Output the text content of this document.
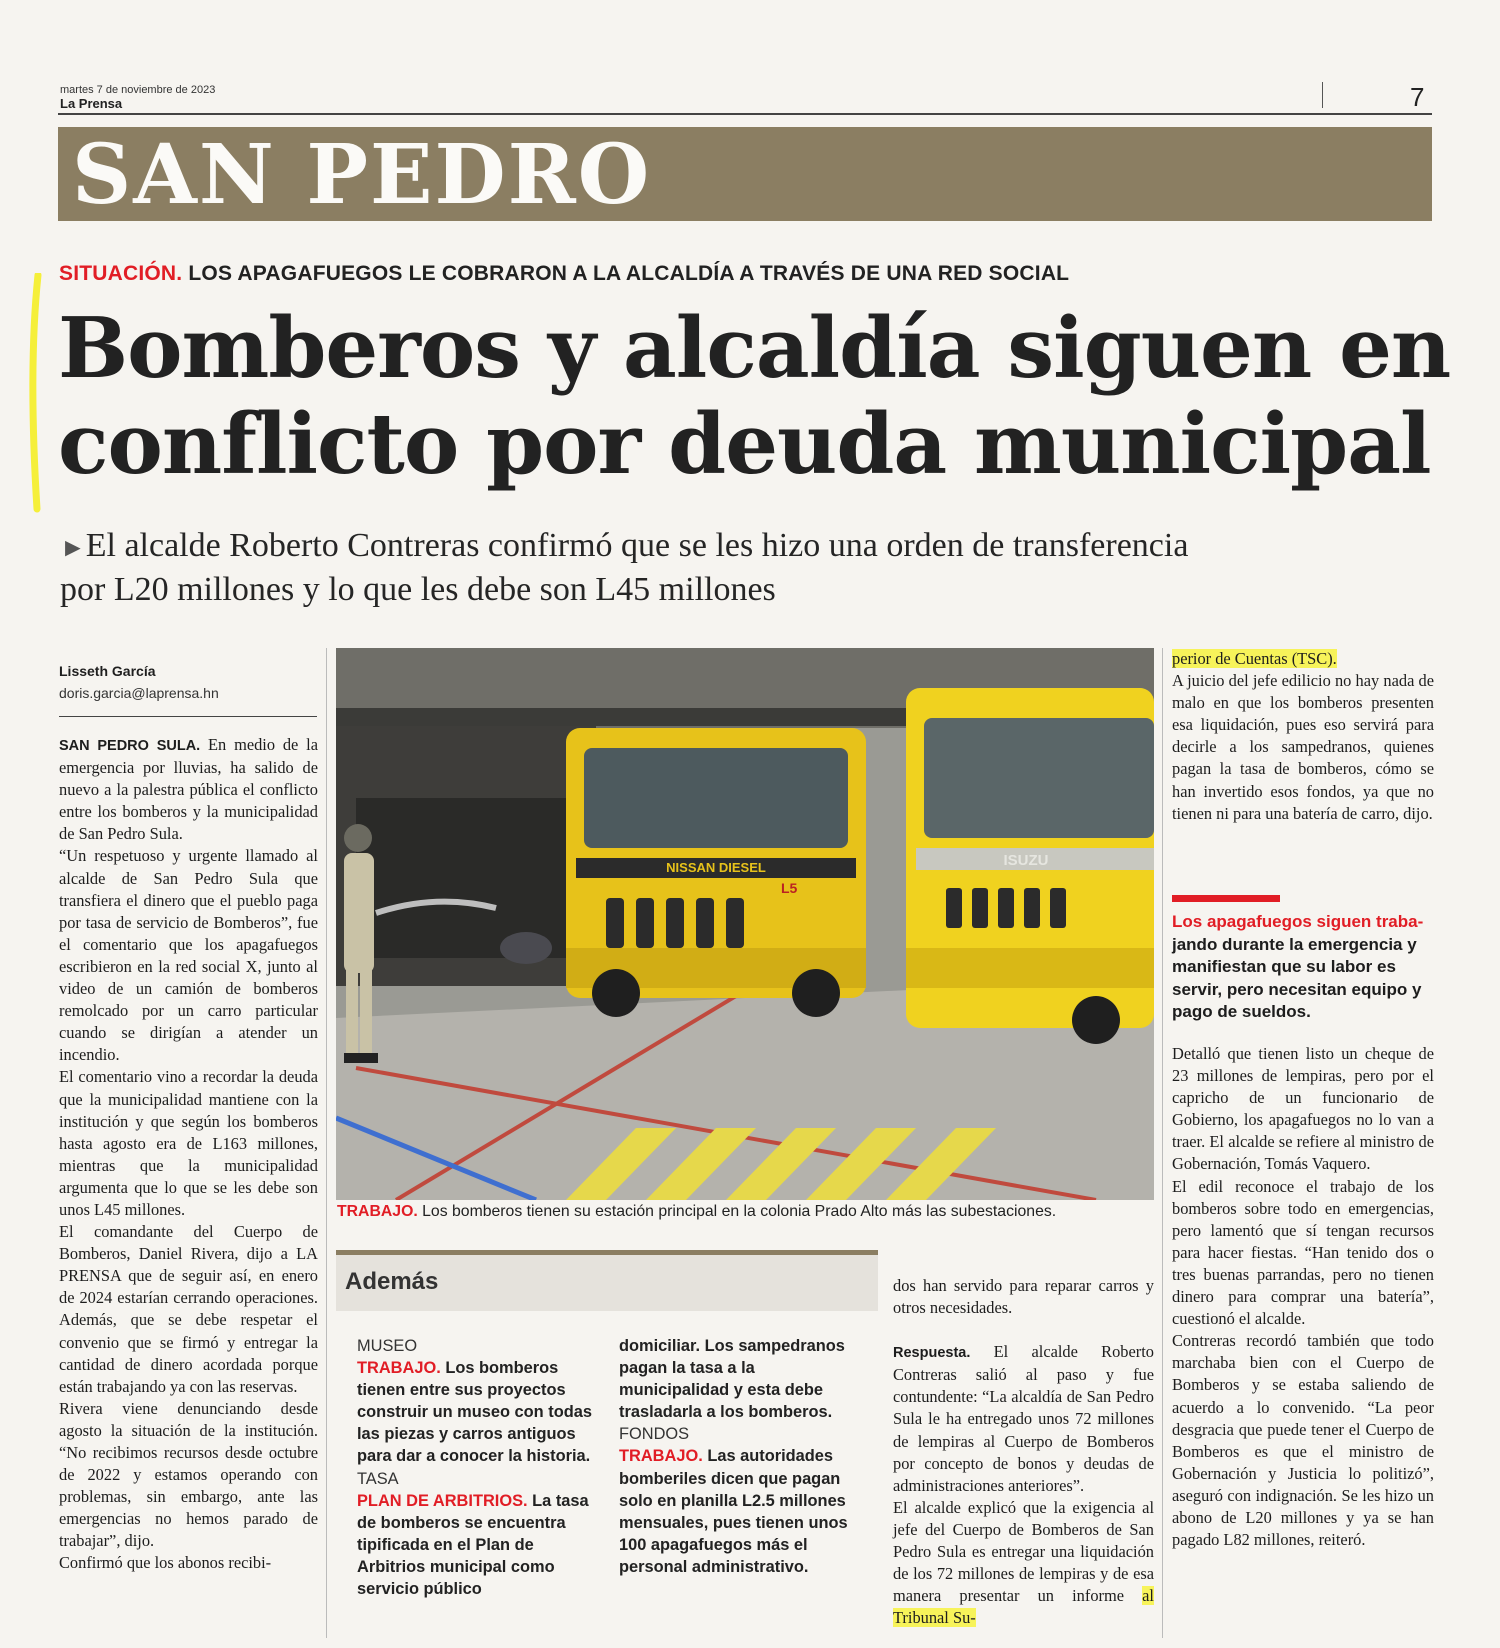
martes 7 de noviembre de 2023
La Prensa	7
SAN PEDRO
SITUACIÓN. LOS APAGAFUEGOS LE COBRARON A LA ALCALDÍA A TRAVÉS DE UNA RED SOCIAL
Bomberos y alcaldía siguen en
conflicto por deuda municipal
►El alcalde Roberto Contreras confirmó que se les hizo una orden de transferencia
por L20 millones y lo que les debe son L45 millones
Lisseth García
doris.garcia@laprensa.hn

SAN PEDRO SULA. En medio de la emergencia por lluvias, ha salido de nuevo a la palestra pública el conflicto entre los bomberos y la municipalidad de San Pedro Sula.

“Un respetuoso y urgente llamado al alcalde de San Pedro Sula que transfiera el dinero que el pueblo paga por tasa de servicio de Bomberos”, fue el comentario que los apagafuegos escribieron en la red social X, junto al video de un camión de bomberos remolcado por un carro particular cuando se dirigían a atender un incendio.

El comentario vino a recordar la deuda que la municipalidad mantiene con la institución y que según los bomberos hasta agosto era de L163 millones, mientras que la municipalidad argumenta que lo que se les debe son unos L45 millones.

El comandante del Cuerpo de Bomberos, Daniel Rivera, dijo a LA PRENSA que de seguir así, en enero de 2024 estarían cerrando operaciones. Además, que se debe respetar el convenio que se firmó y entregar la cantidad de dinero acordada porque están trabajando ya con las reservas.

Rivera viene denunciando desde agosto la situación de la institución. “No recibimos recursos desde octubre de 2022 y estamos operando con problemas, sin embargo, ante las emergencias no hemos parado de trabajar”, dijo.

Confirmó que los abonos recibi-

NISSAN DIESEL
L5
ISUZU
TRABAJO. Los bomberos tienen su estación principal en la colonia Prado Alto más las subestaciones.
Además
MUSEO
TRABAJO. Los bomberos tienen entre sus proyectos construir un museo con todas las piezas y carros antiguos para dar a conocer la historia.
TASA
PLAN DE ARBITRIOS. La tasa de bomberos se encuentra tipificada en el Plan de Arbitrios municipal como servicio público
domiciliar. Los sampedranos pagan la tasa a la municipalidad y esta debe trasladarla a los bomberos.
FONDOS
TRABAJO. Las autoridades bomberiles dicen que pagan solo en planilla L2.5 millones mensuales, pues tienen unos 100 apagafuegos más el personal administrativo.

dos han servido para reparar carros y otros necesidades.

Respuesta. El alcalde Roberto Contreras salió al paso y fue contundente: “La alcaldía de San Pedro Sula le ha entregado unos 72 millones de lempiras al Cuerpo de Bomberos por concepto de bonos y deudas de administraciones anteriores”.

El alcalde explicó que la exigencia al jefe del Cuerpo de Bomberos de San Pedro Sula es entregar una liquidación de los 72 millones de lempiras y de esa manera presentar un informe al Tribunal Su-

perior de Cuentas (TSC).

A juicio del jefe edilicio no hay nada de malo en que los bomberos presenten esa liquidación, pues eso servirá para decirle a los sampedranos, quienes pagan la tasa de bomberos, cómo se han invertido esos fondos, ya que no tienen ni para una batería de carro, dijo.

Los apagafuegos siguen traba- jando durante la emergencia y manifiestan que su labor es servir, pero necesitan equipo y pago de sueldos.

Detalló que tienen listo un cheque de 23 millones de lempiras, pero por el capricho de un funcionario de Gobierno, los apagafuegos no lo van a traer. El alcalde se refiere al ministro de Gobernación, Tomás Vaquero.

El edil reconoce el trabajo de los bomberos sobre todo en emergencias, pero lamentó que sí tengan recursos para hacer fiestas. “Han tenido dos o tres buenas parrandas, pero no tienen dinero para comprar una batería”, cuestionó el alcalde.

Contreras recordó también que todo marchaba bien con el Cuerpo de Bomberos y se estaba saliendo de acuerdo a lo convenido. “La peor desgracia que puede tener el Cuerpo de Bomberos es que el ministro de Gobernación y Justicia lo politizó”, aseguró con indignación. Se les hizo un abono de L20 millones y ya se han pagado L82 millones, reiteró.
